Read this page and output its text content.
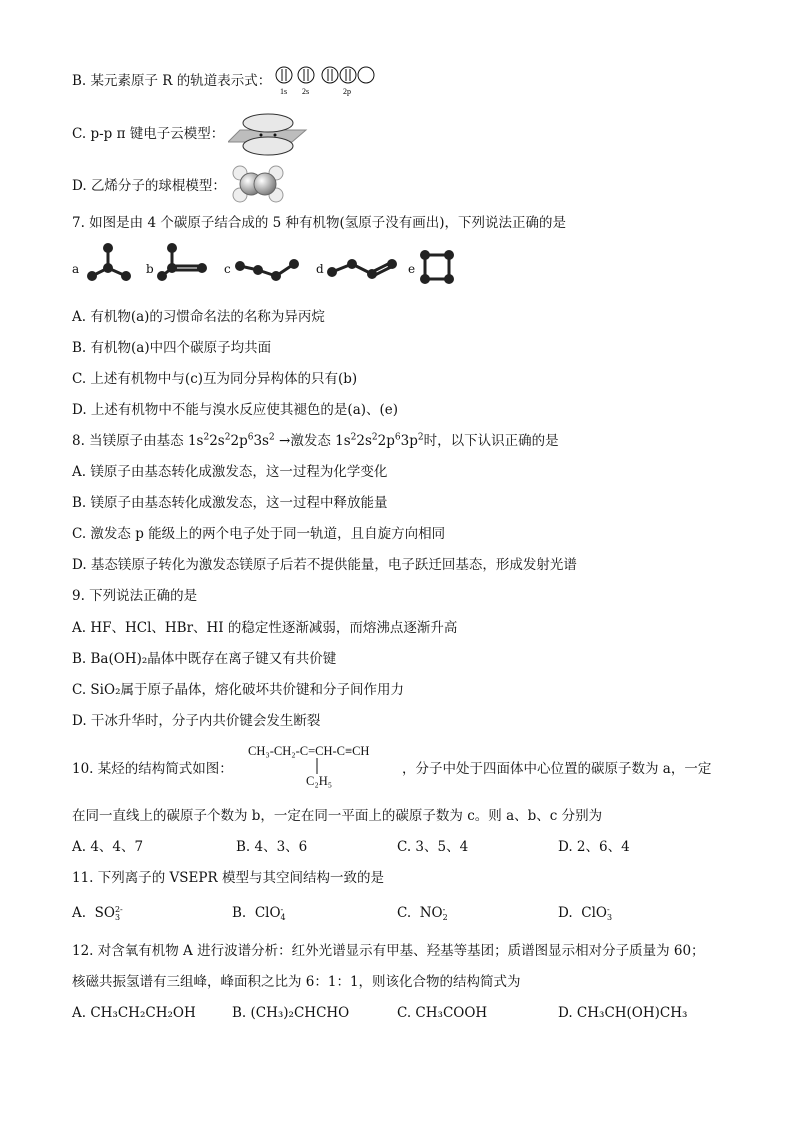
B. 某元素原子 R 的轨道表示式：
1s 2s	2p
C. p-p π 键电子云模型：
D. 乙烯分子的球棍模型：
7. 如图是由 4 个碳原子结合成的 5 种有机物(氢原子没有画出)，下列说法正确的是
a	b	c	d	e
A. 有机物(a)的习惯命名法的名称为异丙烷
B. 有机物(a)中四个碳原子均共面
C. 上述有机物中与(c)互为同分异构体的只有(b)
D. 上述有机物中不能与溴水反应使其褪色的是(a)、(e)
8. 当镁原子由基态 $1s^22s^22p^63s^2$ →激发态 $1s^22s^22p^63p^2$时，以下认识正确的是
A. 镁原子由基态转化成激发态，这一过程为化学变化
B. 镁原子由基态转化成激发态，这一过程中释放能量
C. 激发态 p 能级上的两个电子处于同一轨道，且自旋方向相同
D. 基态镁原子转化为激发态镁原子后若不提供能量，电子跃迁回基态，形成发射光谱
9. 下列说法正确的是
A. HF、HCl、HBr、HI 的稳定性逐渐减弱，而熔沸点逐渐升高
B. Ba(OH)₂晶体中既存在离子键又有共价键
C. SiO₂属于原子晶体，熔化破坏共价键和分子间作用力
D. 干冰升华时，分子内共价键会发生断裂
10. 某烃的结构简式如图：
CH₃-CH₂-C=CH-C≡CH
C₂H₅
，分子中处于四面体中心位置的碳原子数为 a，一定
在同一直线上的碳原子个数为 b，一定在同一平面上的碳原子数为 c。则 a、b、c 分别为
A. 4、4、7	B. 4、3、6	C. 3、5、4	D. 2、6、4
11. 下列离子的 VSEPR 模型与其空间结构一致的是
A. SO 2-
3	B. ClO -
4	C. NO -
2	D. ClO -
3
12. 对含氧有机物 A 进行波谱分析：红外光谱显示有甲基、羟基等基团；质谱图显示相对分子质量为 60；
核磁共振氢谱有三组峰，峰面积之比为 6：1：1，则该化合物的结构简式为
A. CH₃CH₂CH₂OH	B. (CH₃)₂CHCHO	C. CH₃COOH	D. CH₃CH(OH)CH₃
